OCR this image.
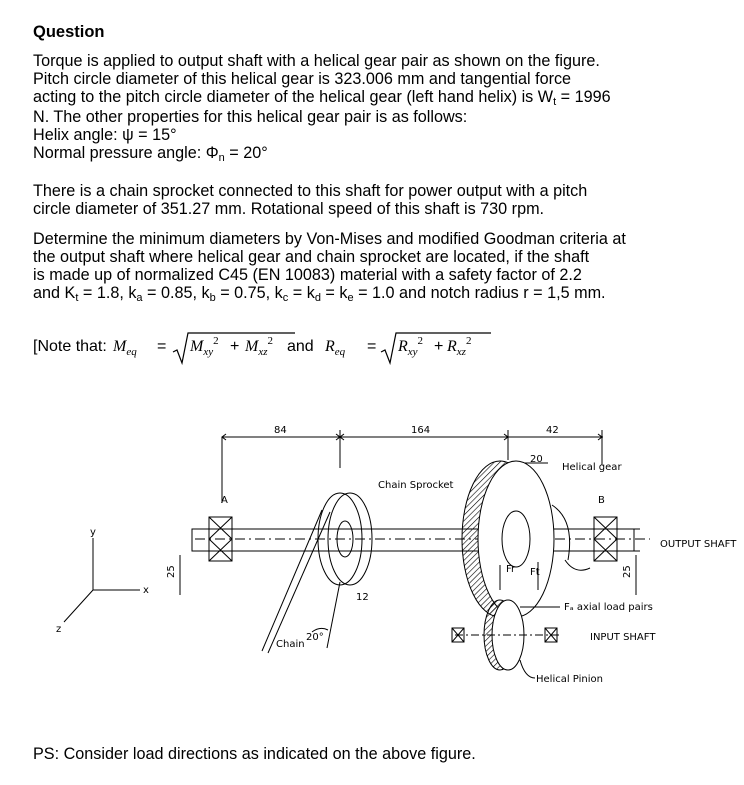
Question
Torque is applied to output shaft with a helical gear pair as shown on the figure.
Pitch circle diameter of this helical gear is 323.006 mm and tangential force
acting to the pitch circle diameter of the helical gear (left hand helix) is Wt = 1996
N. The other properties for this helical gear pair is as follows:
Helix angle: ψ = 15°
Normal pressure angle: Φn = 20°
There is a chain sprocket connected to this shaft for power output with a pitch
circle diameter of 351.27 mm. Rotational speed of this shaft is 730 rpm.
Determine the minimum diameters by Von-Mises and modified Goodman criteria at
the output shaft where helical gear and chain sprocket are located, if the shaft
is made up of normalized C45 (EN 10083) material with a safety factor of 2.2
and Kt = 1.8, ka = 0.85, kb = 0.75, kc = kd = ke = 1.0 and notch radius r = 1,5 mm.
[Note that: $M_{eq} = M_{xy}^2 + M_{xz}^2$ and $R_{eq} = R_{xy}^2 + R_{xz}^2$
84	164	42
20
12
25	25
20°
A	B
Chain Sprocket
Helical gear
OUTPUT SHAFT
INPUT SHAFT
Helical Pinion
Chain
Fₐ axial load pairs
Fr Ft
x
y
z
PS: Consider load directions as indicated on the above figure.
